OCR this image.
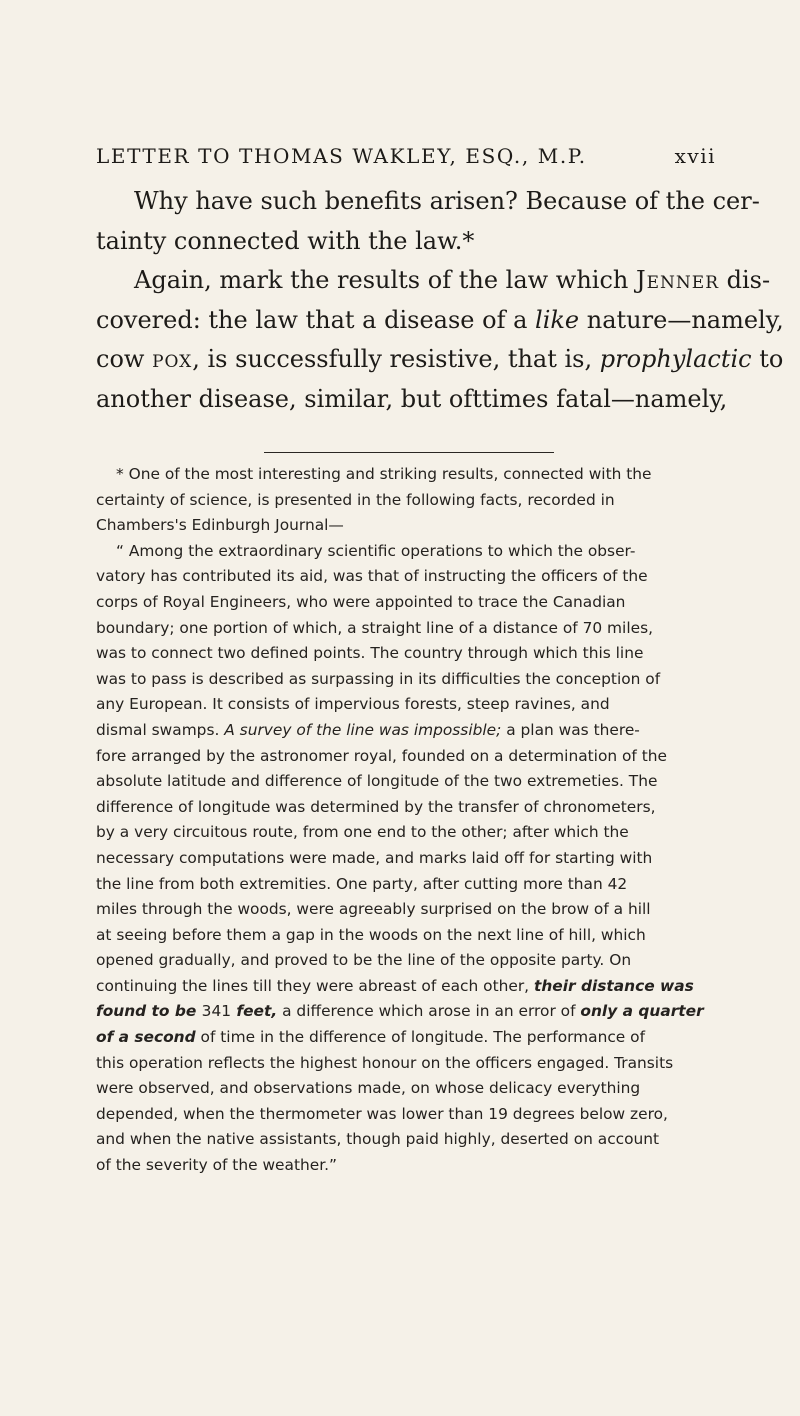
LETTER TO THOMAS WAKLEY, ESQ., M.P.	xvii
Why have such benefits arisen? Because of the cer-
tainty connected with the law.*
Again, mark the results of the law which Jenner dis-
covered: the law that a disease of a like nature—namely,
cow pox, is successfully resistive, that is, prophylactic to
another disease, similar, but ofttimes fatal—namely,
* One of the most interesting and striking results, connected with the
certainty of science, is presented in the following facts, recorded in
Chambers's Edinburgh Journal—
“ Among the extraordinary scientific operations to which the obser-
vatory has contributed its aid, was that of instructing the officers of the
corps of Royal Engineers, who were appointed to trace the Canadian
boundary; one portion of which, a straight line of a distance of 70 miles,
was to connect two defined points. The country through which this line
was to pass is described as surpassing in its difficulties the conception of
any European. It consists of impervious forests, steep ravines, and
dismal swamps. A survey of the line was impossible; a plan was there-
fore arranged by the astronomer royal, founded on a determination of the
absolute latitude and difference of longitude of the two extremeties. The
difference of longitude was determined by the transfer of chronometers,
by a very circuitous route, from one end to the other; after which the
necessary computations were made, and marks laid off for starting with
the line from both extremities. One party, after cutting more than 42
miles through the woods, were agreeably surprised on the brow of a hill
at seeing before them a gap in the woods on the next line of hill, which
opened gradually, and proved to be the line of the opposite party. On
continuing the lines till they were abreast of each other, their distance was
found to be 341 feet, a difference which arose in an error of only a quarter
of a second of time in the difference of longitude. The performance of
this operation reflects the highest honour on the officers engaged. Transits
were observed, and observations made, on whose delicacy everything
depended, when the thermometer was lower than 19 degrees below zero,
and when the native assistants, though paid highly, deserted on account
of the severity of the weather.”
